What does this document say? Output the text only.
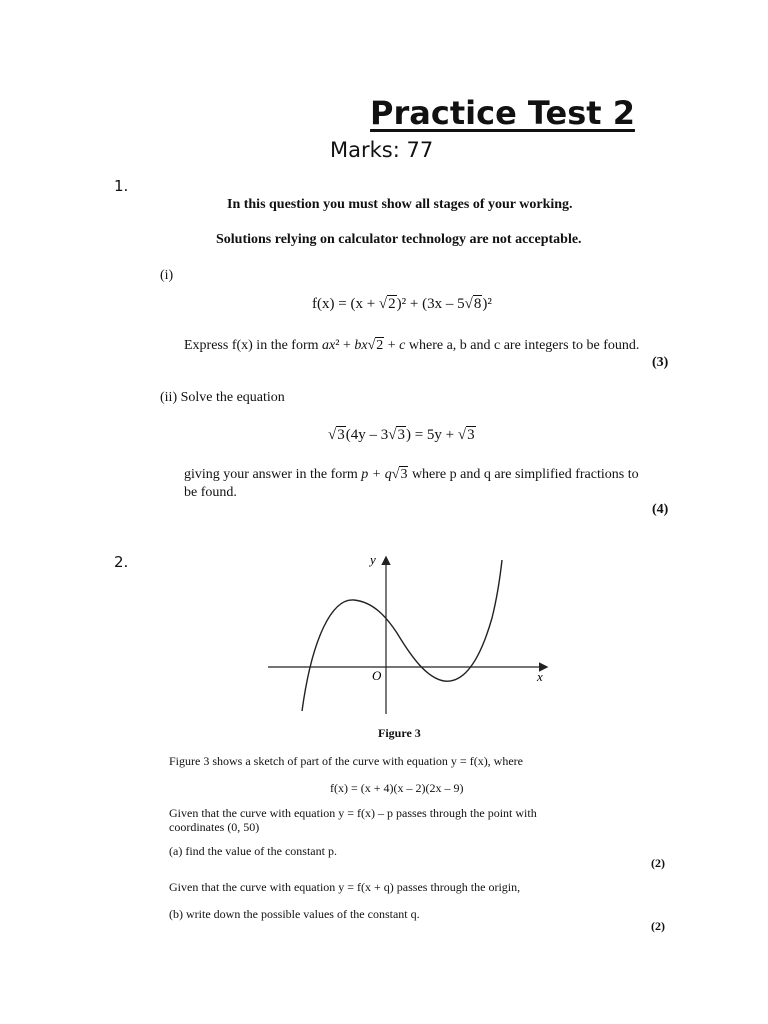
Practice Test 2
Marks: 77
1.
In this question you must show all stages of your working.
Solutions relying on calculator technology are not acceptable.
(i)
f(x) = (x + √2)² + (3x – 5√8)²
Express f(x) in the form ax² + bx√2 + c where a, b and c are integers to be found.
(3)
(ii) Solve the equation
√3(4y – 3√3) = 5y + √3
giving your answer in the form p + q√3 where p and q are simplified fractions to
be found.
(4)
2.	y
x
O
Figure 3
Figure 3 shows a sketch of part of the curve with equation y = f(x), where
f(x) = (x + 4)(x – 2)(2x – 9)
Given that the curve with equation y = f(x) – p passes through the point with
coordinates (0, 50)
(a) find the value of the constant p.
(2)
Given that the curve with equation y = f(x + q) passes through the origin,
(b) write down the possible values of the constant q.
(2)
